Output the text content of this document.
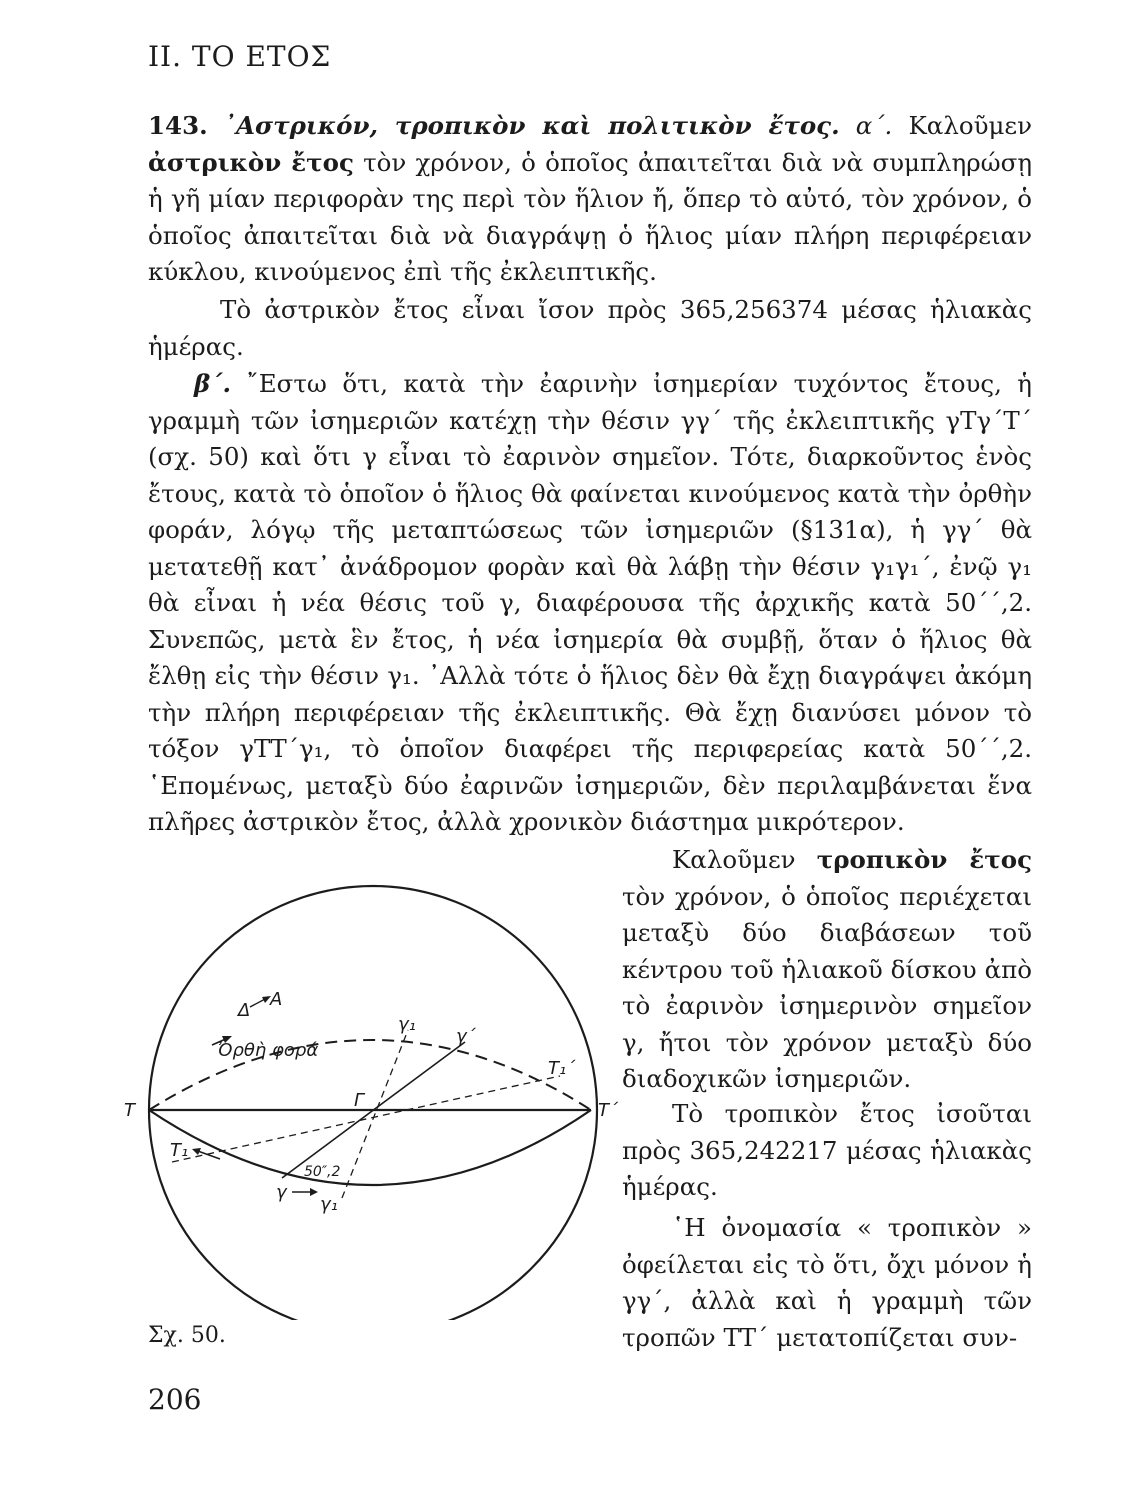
ΙΙ. ΤΟ ΕΤΟΣ

143. ᾿Αστρικόν, τροπικὸν καὶ πολιτικὸν ἔτος. α΄. Καλοῦμεν ἀστρικὸν ἔτος τὸν χρόνον, ὁ ὁποῖος ἀπαιτεῖται διὰ νὰ συμπληρώσῃ ἡ γῆ μίαν περιφορὰν της περὶ τὸν ἥλιον ἤ, ὅπερ τὸ αὐτό, τὸν χρόνον, ὁ ὁποῖος ἀπαιτεῖται διὰ νὰ διαγράψῃ ὁ ἥλιος μίαν πλήρη περιφέρειαν κύκλου, κινούμενος ἐπὶ τῆς ἐκλειπτικῆς.

Τὸ ἀστρικὸν ἔτος εἶναι ἴσον πρὸς 365,256374 μέσας ἡλιακὰς ἡμέρας.

β΄. ῎Εστω ὅτι, κατὰ τὴν ἐαρινὴν ἰσημερίαν τυχόντος ἔτους, ἡ γραμμὴ τῶν ἰσημεριῶν κατέχῃ τὴν θέσιν γγ΄ τῆς ἐκλειπτικῆς γΤγ΄Τ΄ (σχ. 50) καὶ ὅτι γ εἶναι τὸ ἐαρινὸν σημεῖον. Τότε, διαρκοῦντος ἑνὸς ἔτους, κατὰ τὸ ὁποῖον ὁ ἥλιος θὰ φαίνεται κινούμενος κατὰ τὴν ὀρθὴν φοράν, λόγῳ τῆς μεταπτώσεως τῶν ἰσημεριῶν (§131α), ἡ γγ΄ θὰ μετατεθῇ κατ᾽ ἀνάδρομον φορὰν καὶ θὰ λάβῃ τὴν θέσιν γ₁γ₁΄, ἐνῷ γ₁ θὰ εἶναι ἡ νέα θέσις τοῦ γ, διαφέρουσα τῆς ἀρχικῆς κατὰ 50΄΄,2. Συνεπῶς, μετὰ ἓν ἔτος, ἡ νέα ἰσημερία θὰ συμβῇ, ὅταν ὁ ἥλιος θὰ ἔλθῃ εἰς τὴν θέσιν γ₁. ᾿Αλλὰ τότε ὁ ἥλιος δὲν θὰ ἔχῃ διαγράψει ἀκόμη τὴν πλήρη περιφέρειαν τῆς ἐκλειπτικῆς. Θὰ ἔχῃ διανύσει μόνον τὸ τόξον γΤΤ΄γ₁, τὸ ὁποῖον διαφέρει τῆς περιφερείας κατὰ 50΄΄,2. ῾Επομένως, μεταξὺ δύο ἐαρινῶν ἰσημεριῶν, δὲν περιλαμβάνεται ἕνα πλῆρες ἀστρικὸν ἔτος, ἀλλὰ χρονικὸν διάστημα μικρότερον.

Καλοῦμεν τροπικὸν ἔτος τὸν χρόνον, ὁ ὁποῖος περιέχεται μεταξὺ δύο διαβάσεων τοῦ κέντρου τοῦ ἡλιακοῦ δίσκου ἀπὸ τὸ ἐαρινὸν ἰσημερινὸν σημεῖον γ, ἤτοι τὸν χρόνον μεταξὺ δύο διαδοχικῶν ἰσημεριῶν.

Τὸ τροπικὸν ἔτος ἰσοῦται πρὸς 365,242217 μέσας ἡλιακὰς ἡμέρας.

῾Η ὀνομασία « τροπικὸν » ὀφείλεται εἰς τὸ ὅτι, ὄχι μόνον ἡ γγ΄, ἀλλὰ καὶ ἡ γραμμὴ τῶν τροπῶν ΤΤ΄ μετατοπίζεται συν-

T	T΄
T₁
T₁΄
γ
γ΄
γ₁
γ₁
Γ
Ὀρθὴ φορά
Δ
Α
50″,2

Σχ. 50.

206
